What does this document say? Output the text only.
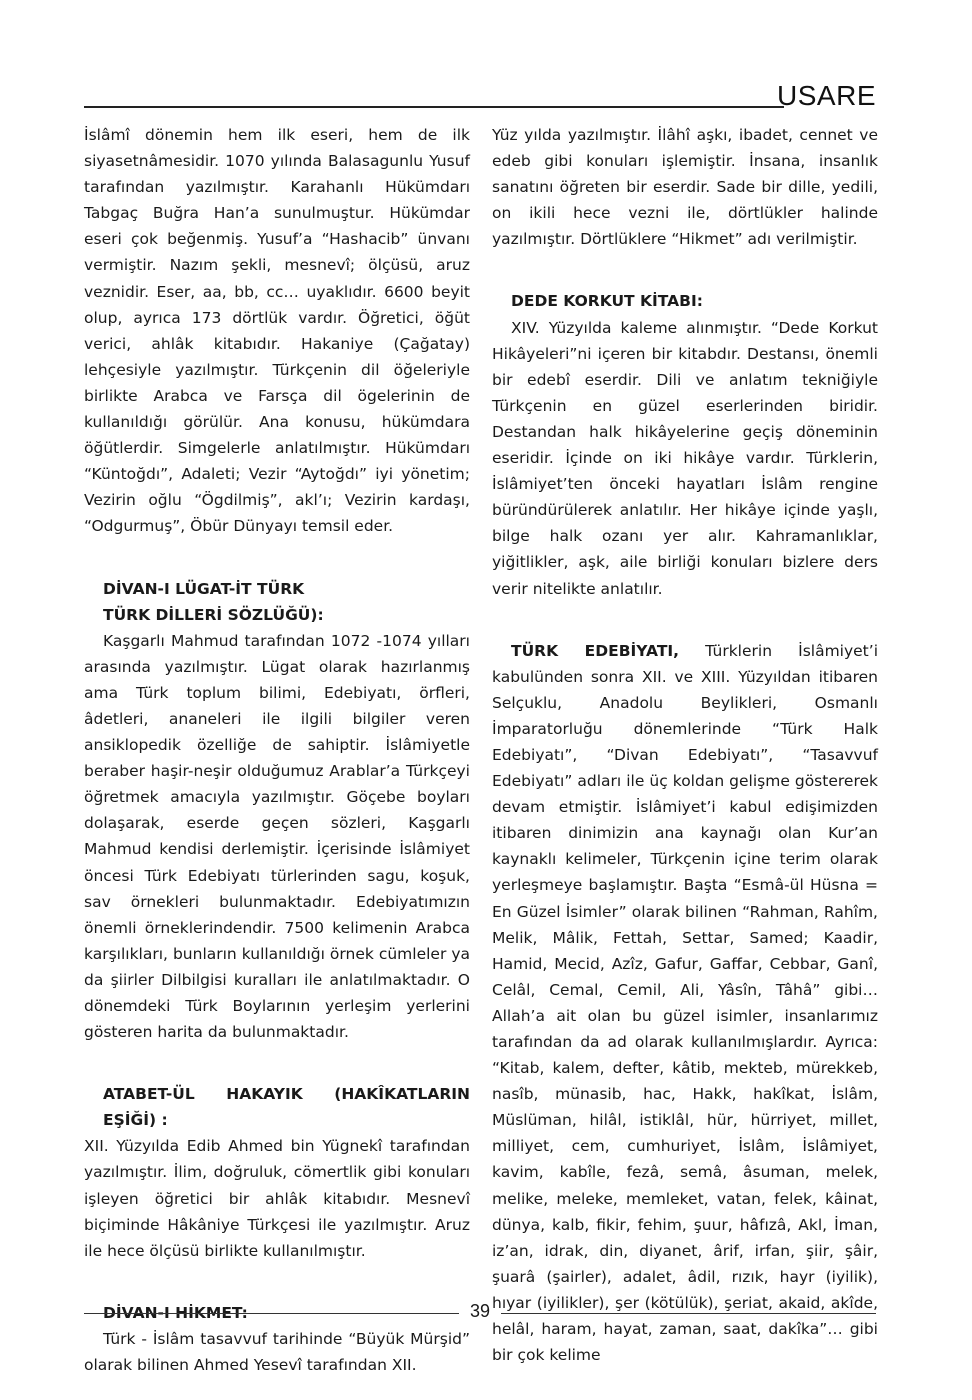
USARE

İslâmî dönemin hem ilk eseri, hem de ilk siyasetnâmesidir. 1070 yılında Balasagunlu Yusuf tarafından yazılmıştır. Karahanlı Hükümdarı Tabgaç Buğra Han’a sunulmuştur. Hükümdar eseri çok beğenmiş. Yusuf’a “Hashacib” ünvanı vermiştir. Nazım şekli, mesnevî; ölçüsü, aruz veznidir. Eser, aa, bb, cc… uyaklıdır. 6600 beyit olup, ayrıca 173 dörtlük vardır. Öğretici, öğüt verici, ahlâk kitabıdır. Hakaniye (Çağatay) lehçesiyle yazılmıştır. Türkçenin dil öğeleriyle birlikte Arabca ve Farsça dil ögelerinin de kullanıldığı görülür. Ana konusu, hükümdara öğütlerdir. Simgelerle anlatılmıştır. Hükümdarı “Küntoğdı”, Adaleti; Vezir “Aytoğdı” iyi yönetim; Vezirin oğlu “Ögdilmiş”, akl’ı; Vezirin kardaşı, “Odgurmuş”, Öbür Dünyayı temsil eder.

DİVAN-I LÜGAT-İT TÜRK

TÜRK DİLLERİ SÖZLÜĞÜ):

Kaşgarlı Mahmud tarafından 1072 -1074 yılları arasında yazılmıştır. Lügat olarak hazırlanmış ama Türk toplum bilimi, Edebiyatı, örfleri, âdetleri, ananeleri ile ilgili bilgiler veren ansiklopedik özelliğe de sahiptir. İslâmiyetle beraber haşir-neşir olduğumuz Arablar’a Türkçeyi öğretmek amacıyla yazılmıştır. Göçebe boyları dolaşarak, eserde geçen sözleri, Kaşgarlı Mahmud kendisi derlemiştir. İçerisinde İslâmiyet öncesi Türk Edebiyatı türlerinden sagu, koşuk, sav örnekleri bulunmaktadır. Edebiyatımızın önemli örneklerindendir. 7500 kelimenin Arabca karşılıkları, bunların kullanıldığı örnek cümleler ya da şiirler Dilbilgisi kuralları ile anlatılmaktadır. O dönemdeki Türk Boylarının yerleşim yerlerini gösteren harita da bulunmaktadır.

ATABET-ÜL HAKAYIK (HAKÎKATLARIN EŞİĞİ) :

XII. Yüzyılda Edib Ahmed bin Yügnekî tarafından yazılmıştır. İlim, doğruluk, cömertlik gibi konuları işleyen öğretici bir ahlâk kitabıdır. Mesnevî biçiminde Hâkâniye Türkçesi ile yazılmıştır. Aruz ile hece ölçüsü birlikte kullanılmıştır.

DİVAN-I HİKMET:

Türk - İslâm tasavvuf tarihinde “Büyük Mürşid” olarak bilinen Ahmed Yesevî tarafından XII.

Yüz yılda yazılmıştır. İlâhî aşkı, ibadet, cennet ve edeb gibi konuları işlemiştir. İnsana, insanlık sanatını öğreten bir eserdir. Sade bir dille, yedili, on ikili hece vezni ile, dörtlükler halinde yazılmıştır. Dörtlüklere “Hikmet” adı verilmiştir.

DEDE KORKUT KİTABI:

XIV. Yüzyılda kaleme alınmıştır. “Dede Korkut Hikâyeleri”ni içeren bir kitabdır. Destansı, önemli bir edebî eserdir. Dili ve anlatım tekniğiyle Türkçenin en güzel eserlerinden biridir. Destandan halk hikâyelerine geçiş döneminin eseridir. İçinde on iki hikâye vardır. Türklerin, İslâmiyet’ten önceki hayatları İslâm rengine büründürülerek anlatılır. Her hikâye içinde yaşlı, bilge halk ozanı yer alır. Kahramanlıklar, yiğitlikler, aşk, aile birliği konuları bizlere ders verir nitelikte anlatılır.

TÜRK EDEBİYATI, Türklerin İslâmiyet’i kabulünden sonra XII. ve XIII. Yüzyıldan itibaren Selçuklu, Anadolu Beylikleri, Osmanlı İmparatorluğu dönemlerinde “Türk Halk Edebiyatı”, “Divan Edebiyatı”, “Tasavvuf Edebiyatı” adları ile üç koldan gelişme göstererek devam etmiştir. İslâmiyet’i kabul edişimizden itibaren dinimizin ana kaynağı olan Kur’an kaynaklı kelimeler, Türkçenin içine terim olarak yerleşmeye başlamıştır. Başta “Esmâ-ül Hüsna = En Güzel İsimler” olarak bilinen “Rahman, Rahîm, Melik, Mâlik, Fettah, Settar, Samed; Kaadir, Hamid, Mecid, Azîz, Gafur, Gaffar, Cebbar, Ganî, Celâl, Cemal, Cemil, Ali, Yâsîn, Tâhâ” gibi… Allah’a ait olan bu güzel isimler, insanlarımız tarafından da ad olarak kullanılmışlardır. Ayrıca: “Kitab, kalem, defter, kâtib, mekteb, mürekkeb, nasîb, münasib, hac, Hakk, hakîkat, İslâm, Müslüman, hilâl, istiklâl, hür, hürriyet, millet, milliyet, cem, cumhuriyet, İslâm, İslâmiyet, kavim, kabîle, fezâ, semâ, âsuman, melek, melike, meleke, memleket, vatan, felek, kâinat, dünya, kalb, fikir, fehim, şuur, hâfızâ, Akl, İman, iz’an, idrak, din, diyanet, ârif, irfan, şiir, şâir, şuarâ (şairler), adalet, âdil, rızık, hayr (iyilik), hıyar (iyilikler), şer (kötülük), şeriat, akaid, akîde, helâl, haram, hayat, zaman, saat, dakîka”… gibi bir çok kelime

39
